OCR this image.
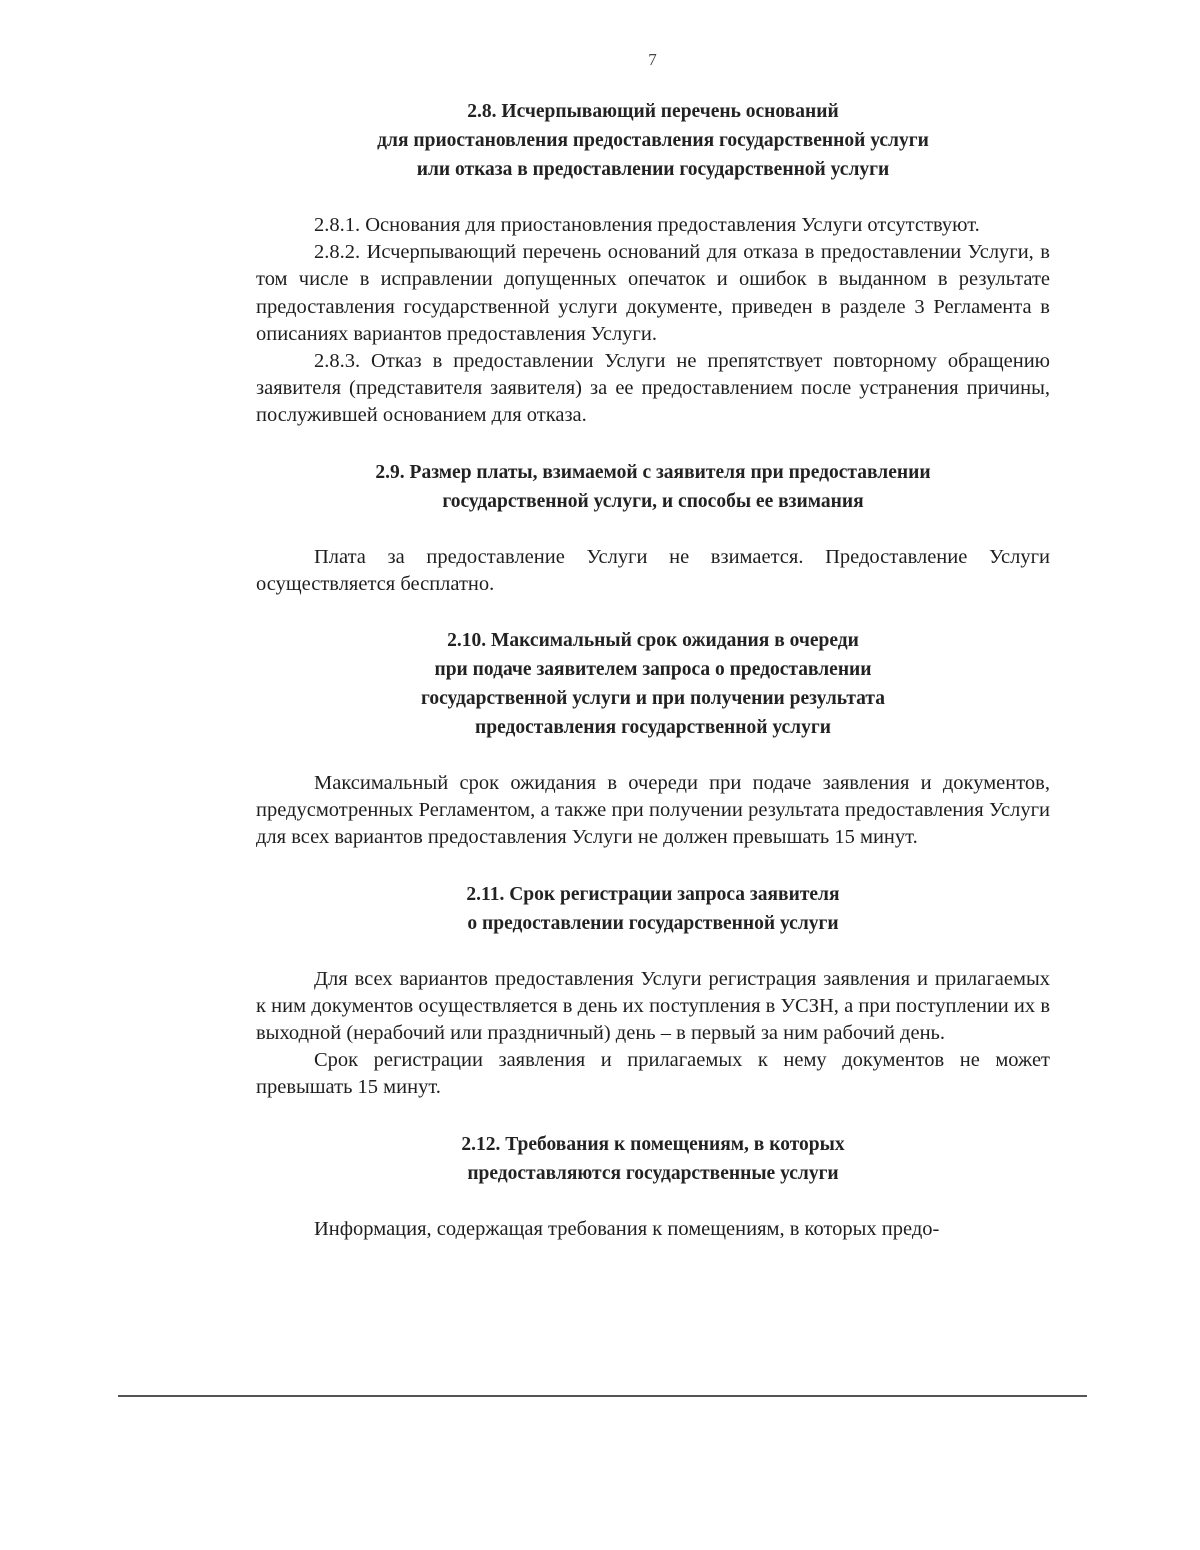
7
2.8. Исчерпывающий перечень оснований
для приостановления предоставления государственной услуги
или отказа в предоставлении государственной услуги

2.8.1. Основания для приостановления предоставления Услуги отсутствуют.

2.8.2. Исчерпывающий перечень оснований для отказа в предоставлении Услуги, в том числе в исправлении допущенных опечаток и ошибок в выданном в результате предоставления государственной услуги документе, приведен в разделе 3 Регламента в описаниях вариантов предоставления Услуги.

2.8.3. Отказ в предоставлении Услуги не препятствует повторному обращению заявителя (представителя заявителя) за ее предоставлением после устранения причины, послужившей основанием для отказа.

2.9. Размер платы, взимаемой с заявителя при предоставлении
государственной услуги, и способы ее взимания

Плата за предоставление Услуги не взимается. Предоставление Услуги осуществляется бесплатно.

2.10. Максимальный срок ожидания в очереди
при подаче заявителем запроса о предоставлении
государственной услуги и при получении результата
предоставления государственной услуги

Максимальный срок ожидания в очереди при подаче заявления и документов, предусмотренных Регламентом, а также при получении результата предоставления Услуги для всех вариантов предоставления Услуги не должен превышать 15 минут.

2.11. Срок регистрации запроса заявителя
о предоставлении государственной услуги

Для всех вариантов предоставления Услуги регистрация заявления и прилагаемых к ним документов осуществляется в день их поступления в УСЗН, а при поступлении их в выходной (нерабочий или праздничный) день – в первый за ним рабочий день.

Срок регистрации заявления и прилагаемых к нему документов не может превышать 15 минут.

2.12. Требования к помещениям, в которых
предоставляются государственные услуги

Информация, содержащая требования к помещениям, в которых предо-
